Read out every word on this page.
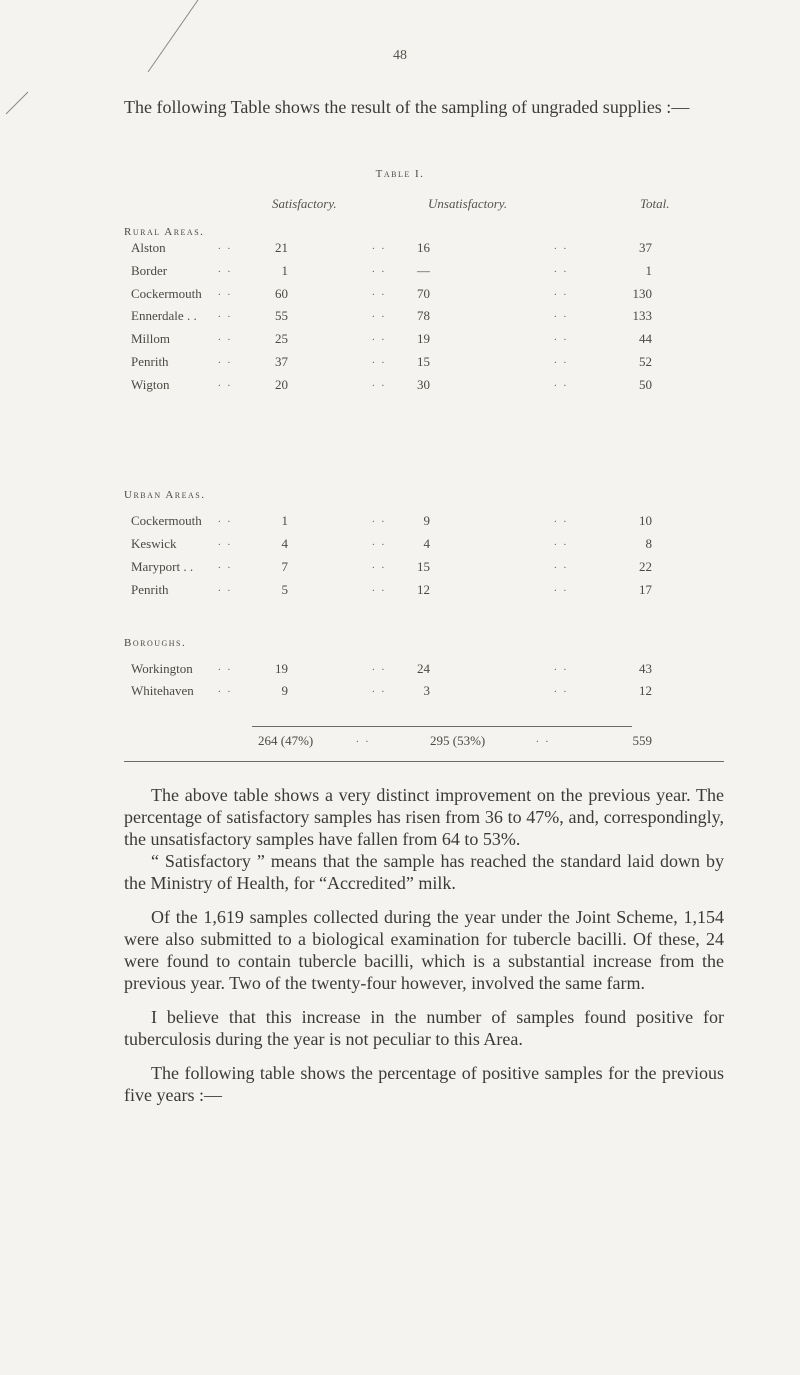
48
The following Table shows the result of the sampling of ungraded supplies :—
Table I.
Satisfactory.	Unsatisfactory.	Total.
Rural Areas.
Alston	. .	21	. .	16	. .	37
Border	. .	1	. .	—	. .	1
Cockermouth . .	60	. .	70	. .	130
Ennerdale . . . .	55	. .	78	. .	133
Millom	. .	25	. .	19	. .	44
Penrith	. .	37	. .	15	. .	52
Wigton	. .	20	. .	30	. .	50
Urban Areas.
Cockermouth . .	1	. .	9	. .	10
Keswick	. .	4	. .	4	. .	8
Maryport . . . .	7	. .	15	. .	22
Penrith	. .	5	. .	12	. .	17
Boroughs.
Workington . .	19	. .	24	. .	43
Whitehaven . .	9	. .	3	. .	12
264 (47%)	. .	295 (53%)	. .	559

The above table shows a very distinct improvement on the previous year. The percentage of satisfactory samples has risen from 36 to 47%, and, correspondingly, the unsatisfactory samples have fallen from 64 to 53%.

“ Satisfactory ” means that the sample has reached the standard laid down by the Ministry of Health, for “Accredited” milk.

Of the 1,619 samples collected during the year under the Joint Scheme, 1,154 were also submitted to a biological examination for tubercle bacilli. Of these, 24 were found to contain tubercle bacilli, which is a substantial increase from the previous year. Two of the twenty-four however, involved the same farm.

I believe that this increase in the number of samples found positive for tuberculosis during the year is not peculiar to this Area.

The following table shows the percentage of positive samples for the previous five years :—
